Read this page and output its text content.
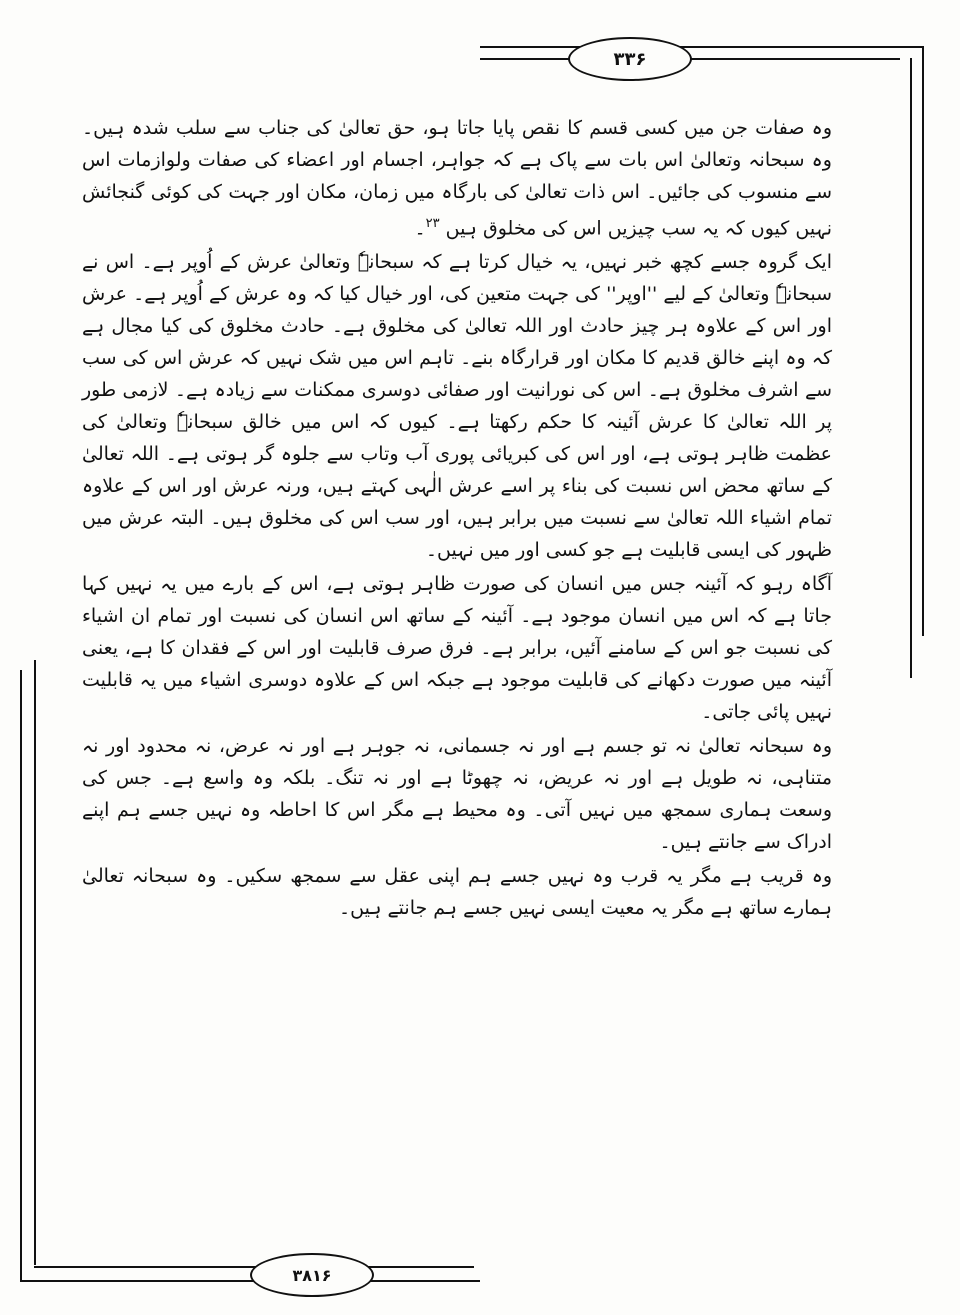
۳۳۶

وہ صفات جن میں کسی قسم کا نقص پایا جاتا ہو، حق تعالیٰ کی جناب سے سلب شدہ ہیں۔ وہ سبحانہ وتعالیٰ اس بات سے پاک ہے کہ جواہر، اجسام اور اعضاء کی صفات ولوازمات اس سے منسوب کی جائیں۔ اس ذات تعالیٰ کی بارگاہ میں زمان، مکان اور جہت کی کوئی گنجائش نہیں کیوں کہ یہ سب چیزیں اس کی مخلوق ہیں $^{۲۳}$۔

ایک گروہ جسے کچھ خبر نہیں، یہ خیال کرتا ہے کہ سبحانہٗ وتعالیٰ عرش کے اُوپر ہے۔ اس نے سبحانہٗ وتعالیٰ کے لیے ''اوپر'' کی جہت متعین کی، اور خیال کیا کہ وہ عرش کے اُوپر ہے۔ عرش اور اس کے علاوہ ہر چیز حادث اور اللہ تعالیٰ کی مخلوق ہے۔ حادث مخلوق کی کیا مجال ہے کہ وہ اپنے خالق قدیم کا مکان اور قرارگاہ بنے۔ تاہم اس میں شک نہیں کہ عرش اس کی سب سے اشرف مخلوق ہے۔ اس کی نورانیت اور صفائی دوسری ممکنات سے زیادہ ہے۔ لازمی طور پر اللہ تعالیٰ کا عرش آئینہ کا حکم رکھتا ہے۔ کیوں کہ اس میں خالق سبحانہٗ وتعالیٰ کی عظمت ظاہر ہوتی ہے، اور اس کی کبریائی پوری آب وتاب سے جلوہ گر ہوتی ہے۔ اللہ تعالیٰ کے ساتھ محض اس نسبت کی بناء پر اسے عرش الٰہی کہتے ہیں، ورنہ عرش اور اس کے علاوہ تمام اشیاء اللہ تعالیٰ سے نسبت میں برابر ہیں، اور سب اس کی مخلوق ہیں۔ البتہ عرش میں ظہور کی ایسی قابلیت ہے جو کسی اور میں نہیں۔

آگاہ رہو کہ آئینہ جس میں انسان کی صورت ظاہر ہوتی ہے، اس کے بارے میں یہ نہیں کہا جاتا ہے کہ اس میں انسان موجود ہے۔ آئینہ کے ساتھ اس انسان کی نسبت اور تمام ان اشیاء کی نسبت جو اس کے سامنے آئیں، برابر ہے۔ فرق صرف قابلیت اور اس کے فقدان کا ہے، یعنی آئینہ میں صورت دکھانے کی قابلیت موجود ہے جبکہ اس کے علاوہ دوسری اشیاء میں یہ قابلیت نہیں پائی جاتی۔

وہ سبحانہ تعالیٰ نہ تو جسم ہے اور نہ جسمانی، نہ جوہر ہے اور نہ عرض، نہ محدود اور نہ متناہی، نہ طویل ہے اور نہ عریض، نہ چھوٹا ہے اور نہ تنگ۔ بلکہ وہ واسع ہے۔ جس کی وسعت ہماری سمجھ میں نہیں آتی۔ وہ محیط ہے مگر اس کا احاطہ وہ نہیں جسے ہم اپنے ادراک سے جانتے ہیں۔

وہ قریب ہے مگر یہ قرب وہ نہیں جسے ہم اپنی عقل سے سمجھ سکیں۔ وہ سبحانہ تعالیٰ ہمارے ساتھ ہے مگر یہ معیت ایسی نہیں جسے ہم جانتے ہیں۔

۳۸۱۶
